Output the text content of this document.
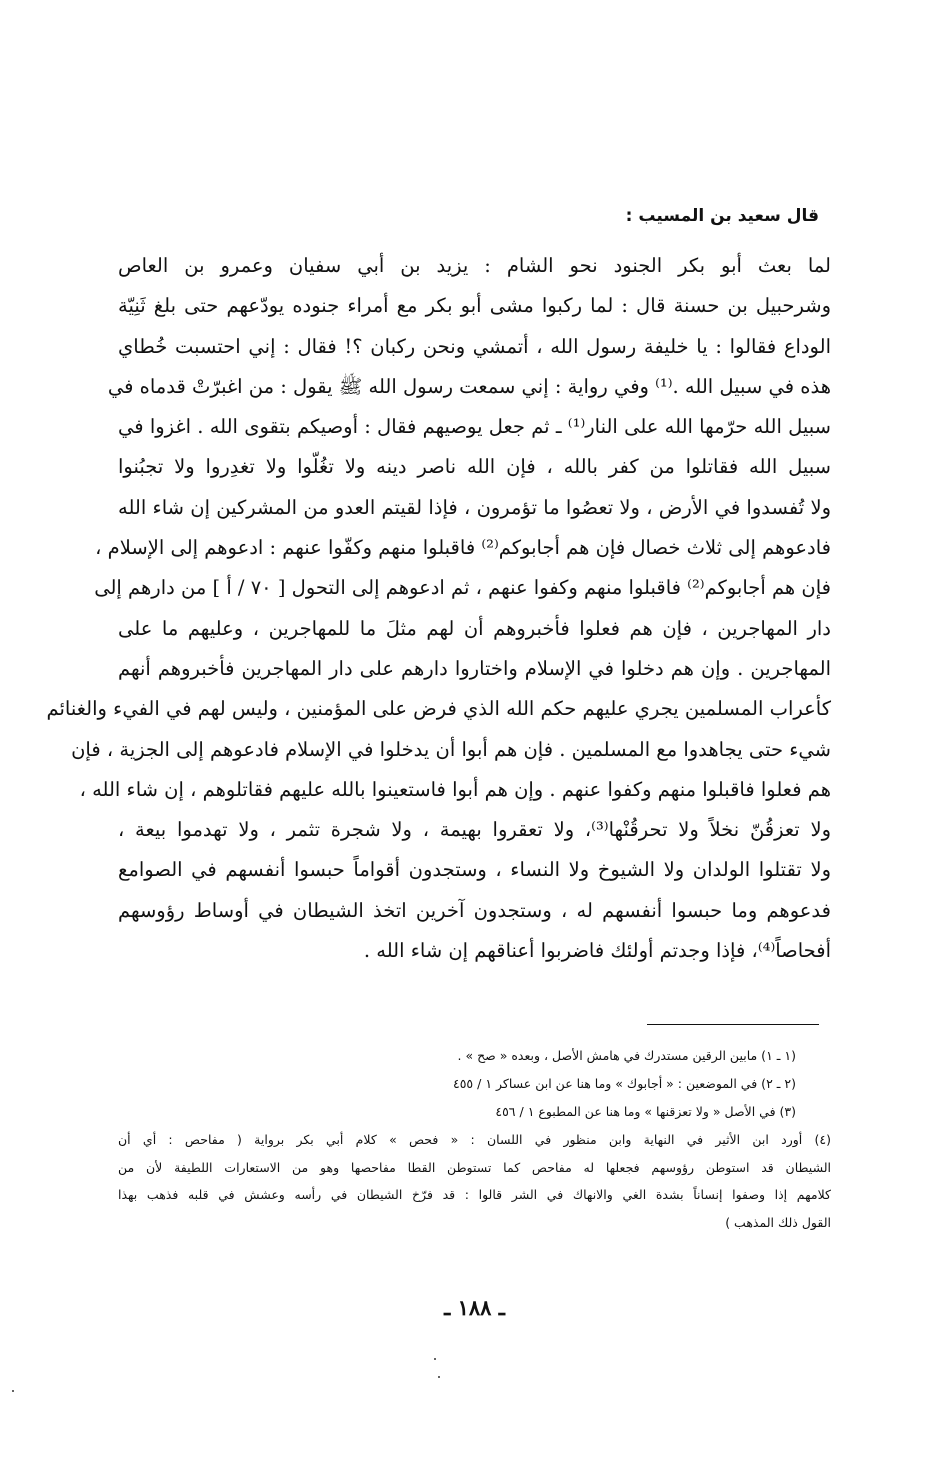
قال سعيد بن المسيب :
لما بعث أبو بكر الجنود نحو الشام : يزيد بن أبي سفيان وعمرو بن العاص
وشرحبيل بن حسنة قال : لما ركبوا مشى أبو بكر مع أمراء جنوده يودّعهم حتى بلغ ثَنِيّة
الوداع فقالوا : يا خليفة رسول الله ، أتمشي ونحن ركبان ؟! فقال : إني احتسبت خُطاي
هذه في سبيل الله .⁽¹⁾ وفي رواية : إني سمعت رسول الله ﷺ يقول : من اغبرّتْ قدماه في
سبيل الله حرّمها الله على النار⁽¹⁾ ـ ثم جعل يوصيهم فقال : أوصيكم بتقوى الله . اغزوا في
سبيل الله فقاتلوا من كفر بالله ، فإن الله ناصر دينه ولا تغُلّوا ولا تغدِروا ولا تجبُنوا
ولا تُفسدوا في الأرض ، ولا تعصُوا ما تؤمرون ، فإذا لقيتم العدو من المشركين إن شاء الله
فادعوهم إلى ثلاث خصال فإن هم أجابوكم⁽²⁾ فاقبلوا منهم وكفّوا عنهم : ادعوهم إلى الإسلام ،
فإن هم أجابوكم⁽²⁾ فاقبلوا منهم وكفوا عنهم ، ثم ادعوهم إلى التحول [ ٧٠ / أ ] من دارهم إلى
دار المهاجرين ، فإن هم فعلوا فأخبروهم أن لهم مثلَ ما للمهاجرين ، وعليهم ما على
المهاجرين . وإن هم دخلوا في الإسلام واختاروا دارهم على دار المهاجرين فأخبروهم أنهم
كأعراب المسلمين يجري عليهم حكم الله الذي فرض على المؤمنين ، وليس لهم في الفيء والغنائم
شيء حتى يجاهدوا مع المسلمين . فإن هم أبوا أن يدخلوا في الإسلام فادعوهم إلى الجزية ، فإن
هم فعلوا فاقبلوا منهم وكفوا عنهم . وإن هم أبوا فاستعينوا بالله عليهم فقاتلوهم ، إن شاء الله ،
ولا تعزقُنّ نخلاً ولا تحرقُنْها⁽³⁾، ولا تعقروا بهيمة ، ولا شجرة تثمر ، ولا تهدموا بيعة ،
ولا تقتلوا الولدان ولا الشيوخ ولا النساء ، وستجدون أقواماً حبسوا أنفسهم في الصوامع
فدعوهم وما حبسوا أنفسهم له ، وستجدون آخرين اتخذ الشيطان في أوساط رؤوسهم
أفحاصاً⁽⁴⁾، فإذا وجدتم أولئك فاضربوا أعناقهم إن شاء الله .
(١ ـ ١) مابين الرقين مستدرك في هامش الأصل ، وبعده « صح » .
(٢ ـ ٢) في الموضعين : « أجابوك » وما هنا عن ابن عساكر ١ / ٤٥٥
(٣) في الأصل « ولا تعزقنها » وما هنا عن المطبوع ١ / ٤٥٦
(٤) أورد ابن الأثير في النهاية وابن منظور في اللسان : « فحص » كلام أبي بكر برواية ( مفاحص : أي أن
الشيطان قد استوطن رؤوسهم فجعلها له مفاحص كما تستوطن القطا مفاحصها وهو من الاستعارات اللطيفة لأن من
كلامهم إذا وصفوا إنساناً بشدة الغي والانهاك في الشر قالوا : قد فرّخ الشيطان في رأسه وعشش في قلبه فذهب بهذا
القول ذلك المذهب )
ـ ١٨٨ ـ
